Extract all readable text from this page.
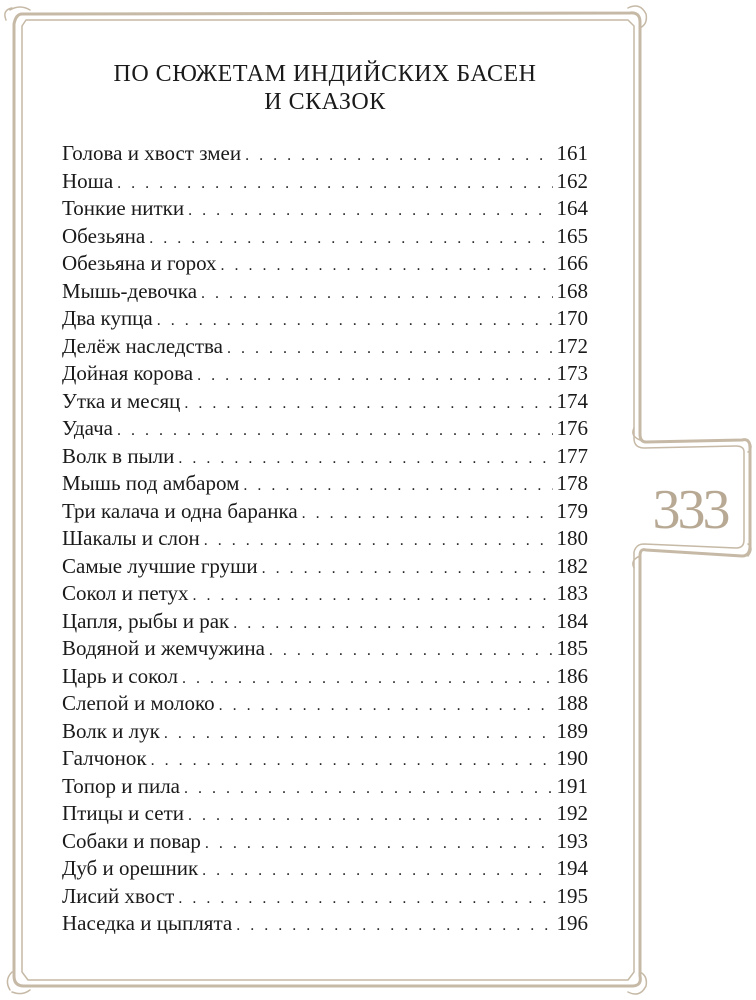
ПО СЮЖЕТАМ ИНДИЙСКИХ БАСЕН
И СКАЗОК
Голова и хвост змеи . . .	161
Ноша . . .	162
Тонкие нитки . . .	164
Обезьяна . . .	165
Обезьяна и горох . . .	166
Мышь-девочка . . .	168
Два купца . . .	170
Делёж наследства . . .	172
Дойная корова . . .	173
Утка и месяц . . .	174
Удача . . .	176
Волк в пыли . . .	177
Мышь под амбаром . . .	178
Три калача и одна баранка . . .	179
Шакалы и слон . . .	180
Самые лучшие груши . . .	182
Сокол и петух . . .	183
Цапля, рыбы и рак . . .	184
Водяной и жемчужина . . .	185
Царь и сокол . . .	186
Слепой и молоко . . .	188
Волк и лук . . .	189
Галчонок . . .	190
Топор и пила . . .	191
Птицы и сети . . .	192
Собаки и повар . . .	193
Дуб и орешник . . .	194
Лисий хвост . . .	195
Наседка и цыплята . . .	196
333
